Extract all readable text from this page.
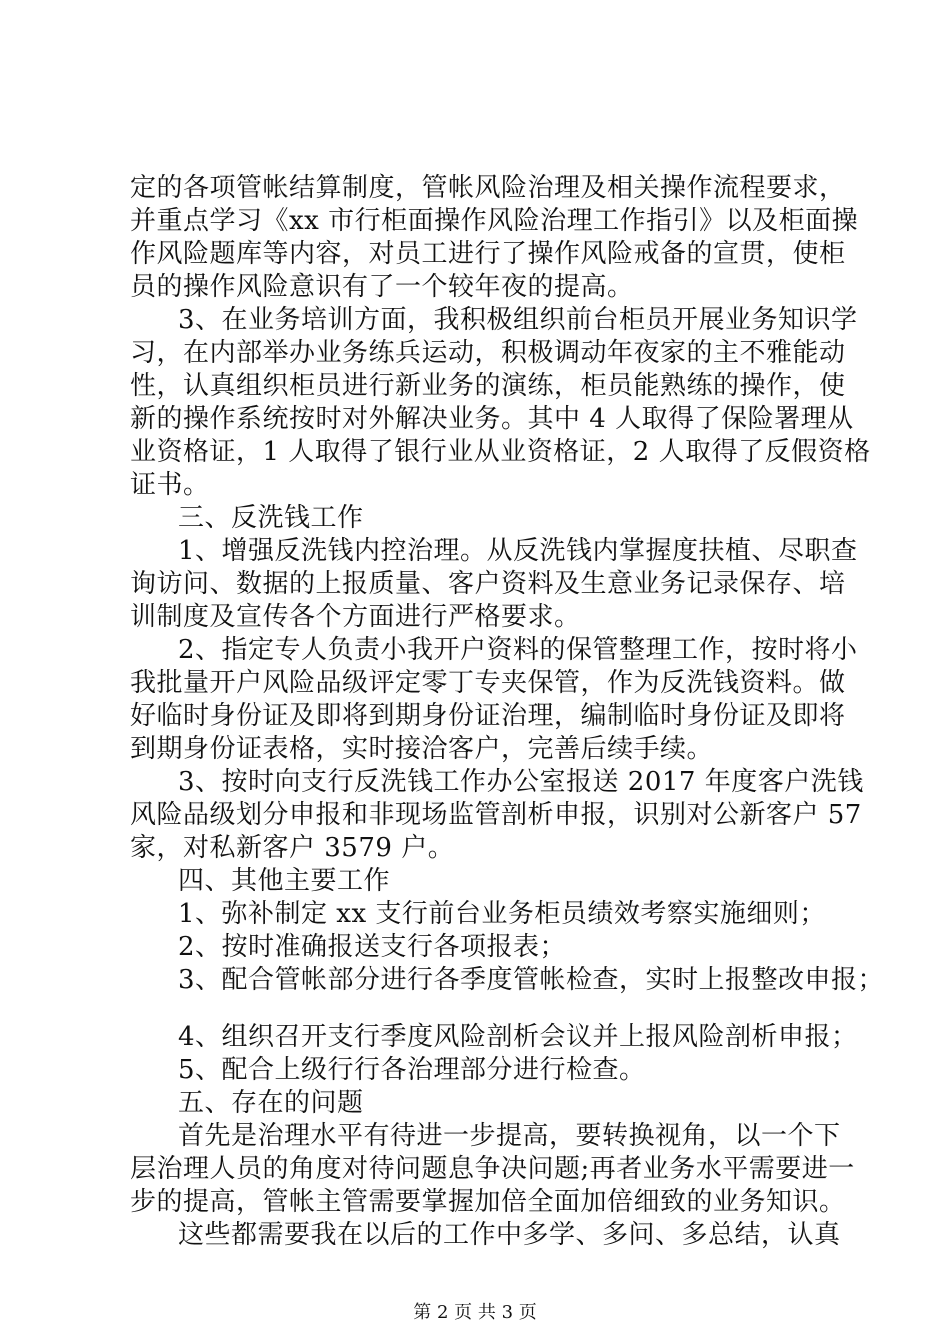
定的各项管帐结算制度，管帐风险治理及相关操作流程要求，
并重点学习《xx 市行柜面操作风险治理工作指引》以及柜面操
作风险题库等内容，对员工进行了操作风险戒备的宣贯，使柜
员的操作风险意识有了一个较年夜的提高。
3、在业务培训方面，我积极组织前台柜员开展业务知识学
习，在内部举办业务练兵运动，积极调动年夜家的主不雅能动
性，认真组织柜员进行新业务的演练，柜员能熟练的操作，使
新的操作系统按时对外解决业务。其中 4 人取得了保险署理从
业资格证，1 人取得了银行业从业资格证，2 人取得了反假资格
证书。
三、反洗钱工作
1、增强反洗钱内控治理。从反洗钱内掌握度扶植、尽职查
询访问、数据的上报质量、客户资料及生意业务记录保存、培
训制度及宣传各个方面进行严格要求。
2、指定专人负责小我开户资料的保管整理工作，按时将小
我批量开户风险品级评定零丁专夹保管，作为反洗钱资料。做
好临时身份证及即将到期身份证治理，编制临时身份证及即将
到期身份证表格，实时接洽客户，完善后续手续。
3、按时向支行反洗钱工作办公室报送 2017 年度客户洗钱
风险品级划分申报和非现场监管剖析申报，识别对公新客户 57
家，对私新客户 3579 户。
四、其他主要工作
1、弥补制定 xx 支行前台业务柜员绩效考察实施细则；
2、按时准确报送支行各项报表；
3、配合管帐部分进行各季度管帐检查，实时上报整改申报；
4、组织召开支行季度风险剖析会议并上报风险剖析申报；
5、配合上级行行各治理部分进行检查。
五、存在的问题
首先是治理水平有待进一步提高，要转换视角，以一个下
层治理人员的角度对待问题息争决问题;再者业务水平需要进一
步的提高，管帐主管需要掌握加倍全面加倍细致的业务知识。
这些都需要我在以后的工作中多学、多问、多总结，认真
第 2 页 共 3 页
